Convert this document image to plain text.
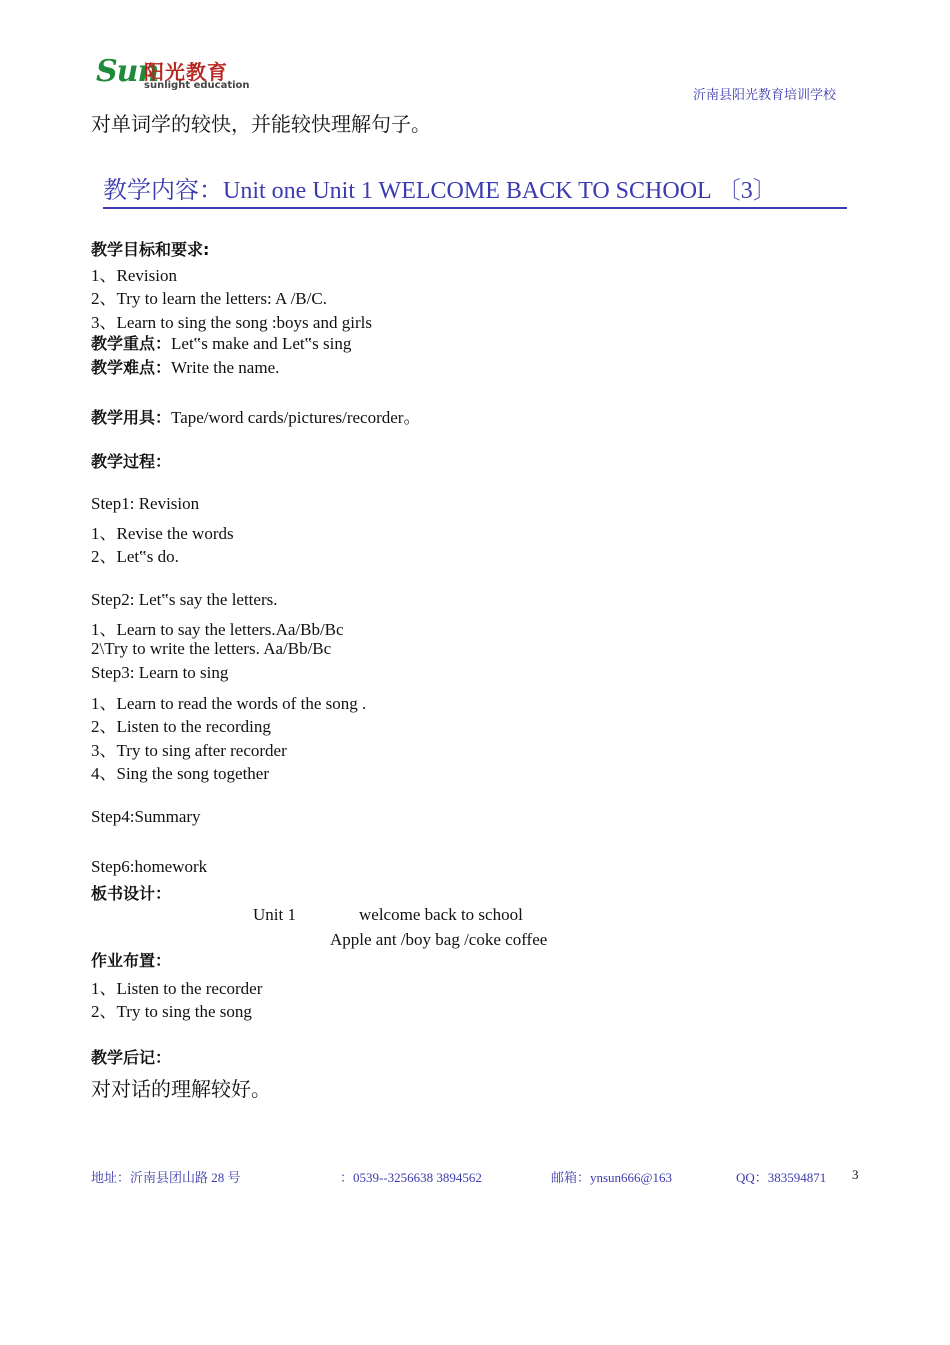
Sun
阳光教育
sunlight education
沂南县阳光教育培训学校
对单词学的较快，并能较快理解句子。
教学内容：Unit one Unit 1 WELCOME BACK TO SCHOOL 〔3〕
教学目标和要求:
1、Revision
2、Try to learn the letters: A /B/C.
3、Learn to sing the song :boys and girls
教学重点：Let‟s make and Let‟s sing
教学难点：Write the name.
教学用具：Tape/word cards/pictures/recorder。
教学过程：
Step1: Revision
1、Revise the words
2、Let‟s do.
Step2: Let‟s say the letters.
1、Learn to say the letters.Aa/Bb/Bc
2\Try to write the letters. Aa/Bb/Bc
Step3: Learn to sing
1、Learn to read the words of the song .
2、Listen to the recording
3、Try to sing after recorder
4、Sing the song together
Step4:Summary
Step6:homework
板书设计：
Unit 1	welcome back to school
Apple ant /boy bag /coke coffee
作业布置：
1、Listen to the recorder
2、Try to sing the song
教学后记：
对对话的理解较好。
地址：沂南县团山路 28 号	：0539--3256638 3894562	邮箱：ynsun666@163	QQ：383594871 3
